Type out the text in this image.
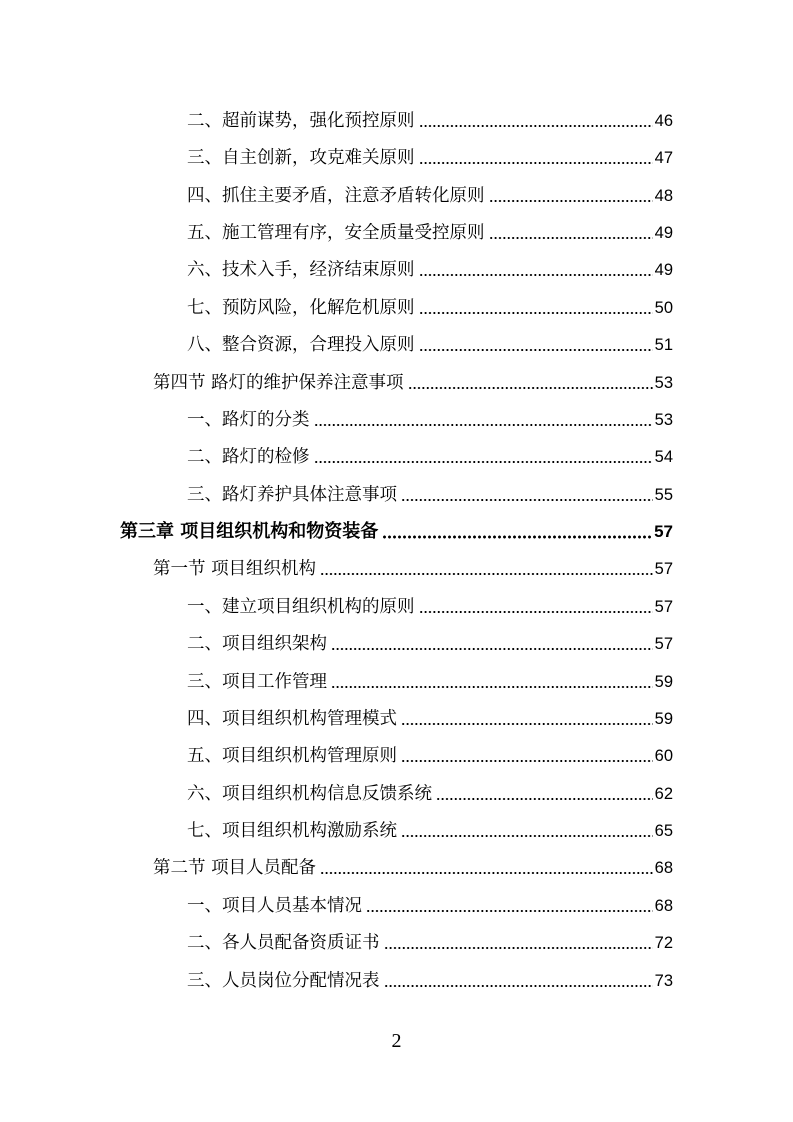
二、超前谋势，强化预控原则	46
三、自主创新，攻克难关原则	47
四、抓住主要矛盾，注意矛盾转化原则	48
五、施工管理有序，安全质量受控原则	49
六、技术入手，经济结束原则	49
七、预防风险，化解危机原则	50
八、整合资源，合理投入原则	51
第四节 路灯的维护保养注意事项	53
一、路灯的分类	53
二、路灯的检修	54
三、路灯养护具体注意事项	55
第三章 项目组织机构和物资装备	57
第一节 项目组织机构	57
一、建立项目组织机构的原则	57
二、项目组织架构	57
三、项目工作管理	59
四、项目组织机构管理模式	59
五、项目组织机构管理原则	60
六、项目组织机构信息反馈系统	62
七、项目组织机构激励系统	65
第二节 项目人员配备	68
一、项目人员基本情况	68
二、各人员配备资质证书	72
三、人员岗位分配情况表	73
2
